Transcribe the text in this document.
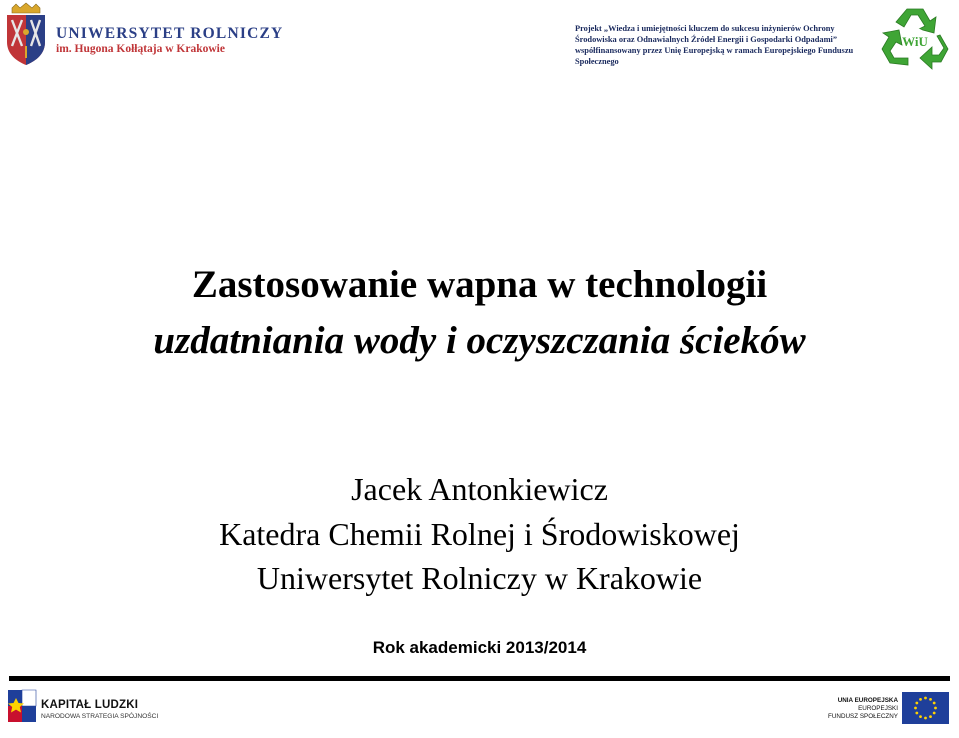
UNIWERSYTET ROLNICZY
im. Hugona Kołłątaja w Krakowie
Projekt „Wiedza i umiejętności kluczem do sukcesu inżynierów Ochrony
Środowiska oraz Odnawialnych Źródeł Energii i Gospodarki Odpadami”
współfinansowany przez Unię Europejską w ramach Europejskiego Funduszu
Społecznego
WiU
Zastosowanie wapna w technologii
uzdatniania wody i oczyszczania ścieków
Jacek Antonkiewicz
Katedra Chemii Rolnej i Środowiskowej
Uniwersytet Rolniczy w Krakowie
Rok akademicki 2013/2014
KAPITAŁ LUDZKI
NARODOWA STRATEGIA SPÓJNOŚCI
UNIA EUROPEJSKA
EUROPEJSKI
FUNDUSZ SPOŁECZNY
